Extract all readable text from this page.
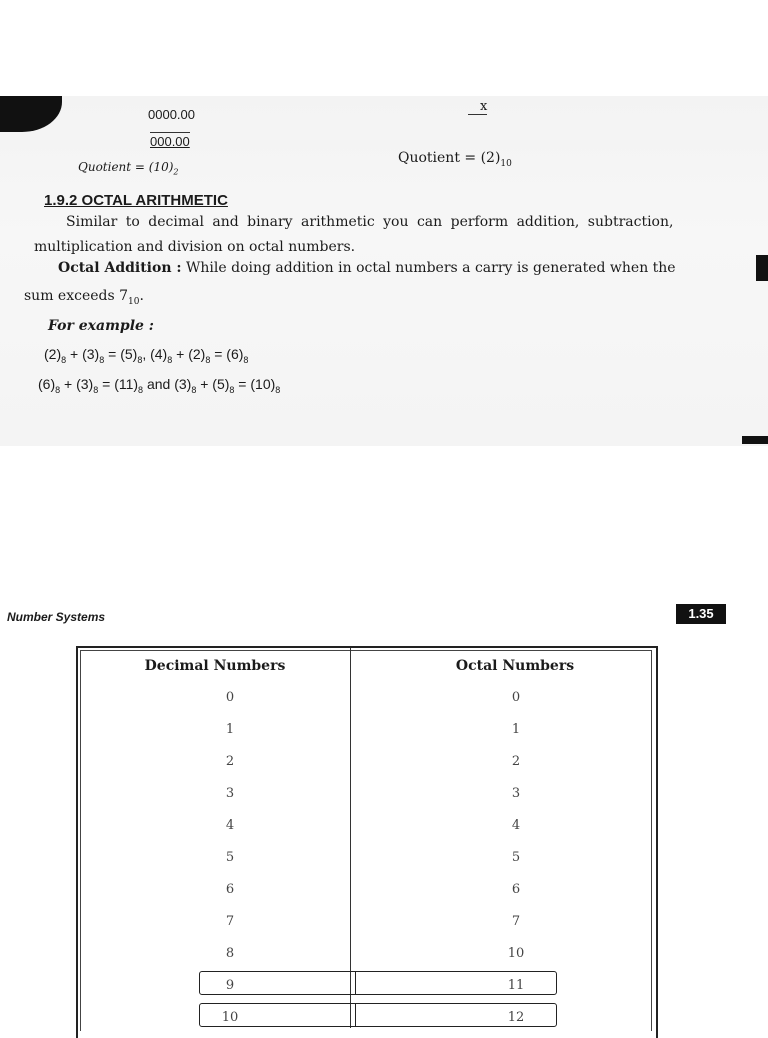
0000.00
000.00
Quotient = $(10)_2$
x
Quotient = $(2)_{10}$
1.9.2 OCTAL ARITHMETIC
Similar to decimal and binary arithmetic you can perform addition, subtraction,
multiplication and division on octal numbers.
Octal Addition : While doing addition in octal numbers a carry is generated when the
sum exceeds $7_{10}$.
For example :
$(2)_8 + (3)_8 = (5)_8$, $(4)_8 + (2)_8 = (6)_8$
$(6)_8 + (3)_8 = (11)_8$ and $(3)_8 + (5)_8 = (10)_8$
Number Systems	1.35
Decimal Numbers	Octal Numbers
0	0
1	1
2	2
3	3
4	4
5	5
6	6
7	7
8	10
9	11
10	12
